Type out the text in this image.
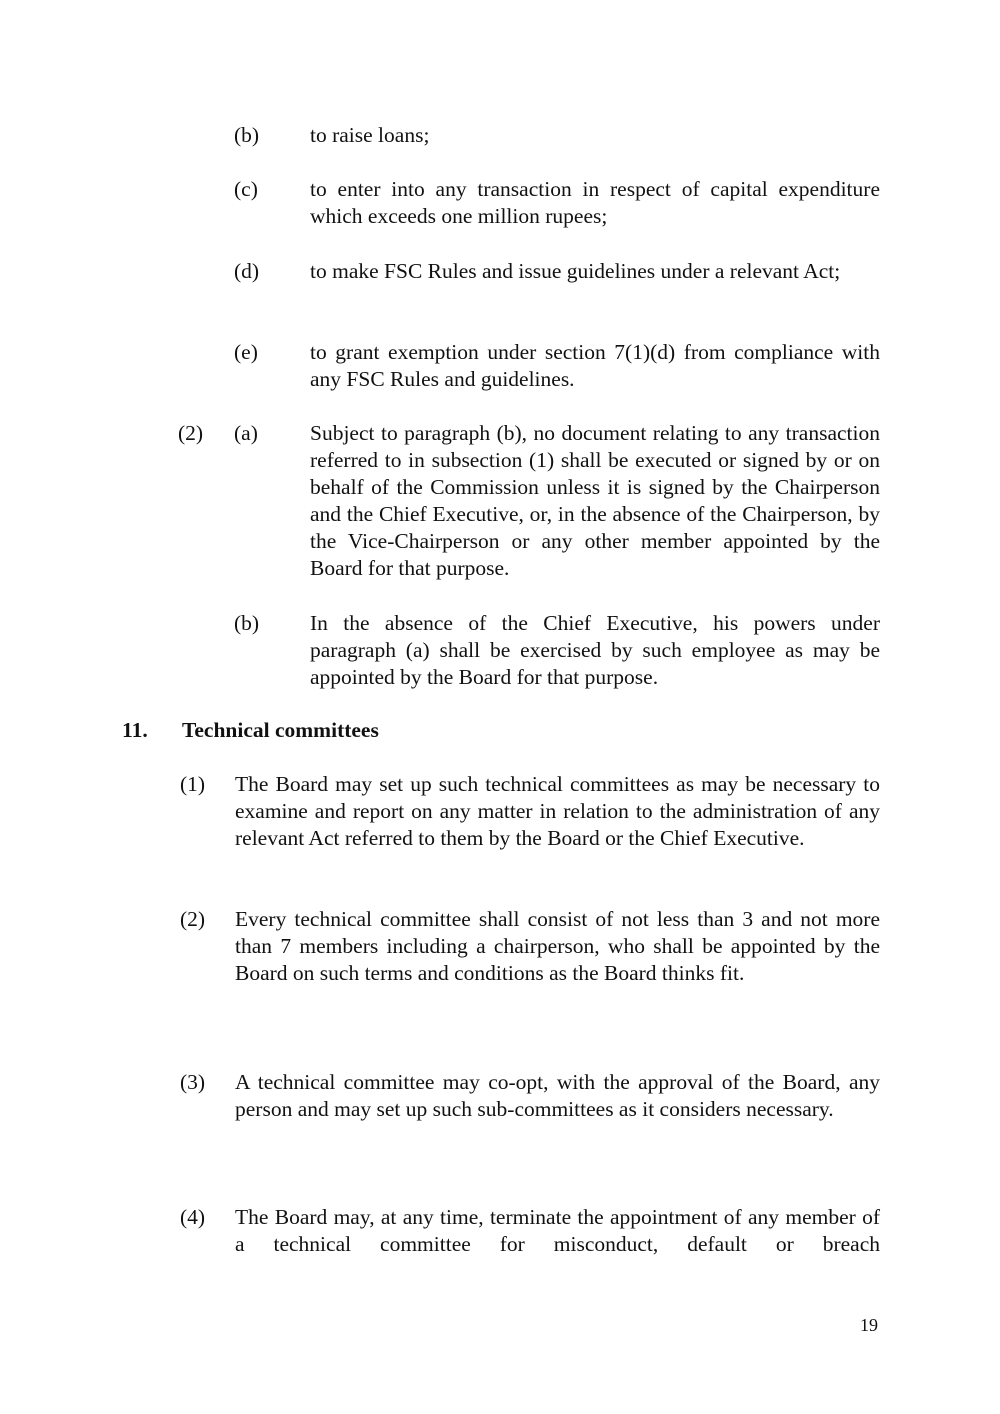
(b) to raise loans;
(c) to enter into any transaction in respect of capital expenditure which exceeds one million rupees;
(d) to make FSC Rules and issue guidelines under a relevant Act;
(e) to grant exemption under section 7(1)(d) from compliance with any FSC Rules and guidelines.
(2) (a) Subject to paragraph (b), no document relating to any transaction referred to in subsection (1) shall be executed or signed by or on behalf of the Commission unless it is signed by the Chairperson and the Chief Executive, or, in the absence of the Chairperson, by the Vice-Chairperson or any other member appointed by the Board for that purpose.
(b) In the absence of the Chief Executive, his powers under paragraph (a) shall be exercised by such employee as may be appointed by the Board for that purpose.
11. Technical committees
(1) The Board may set up such technical committees as may be necessary to examine and report on any matter in relation to the administration of any relevant Act referred to them by the Board or the Chief Executive.
(2) Every technical committee shall consist of not less than 3 and not more than 7 members including a chairperson, who shall be appointed by the Board on such terms and conditions as the Board thinks fit.
(3) A technical committee may co-opt, with the approval of the Board, any person and may set up such sub-committees as it considers necessary.
(4) The Board may, at any time, terminate the appointment of any member of a technical committee for misconduct, default or breach
19
